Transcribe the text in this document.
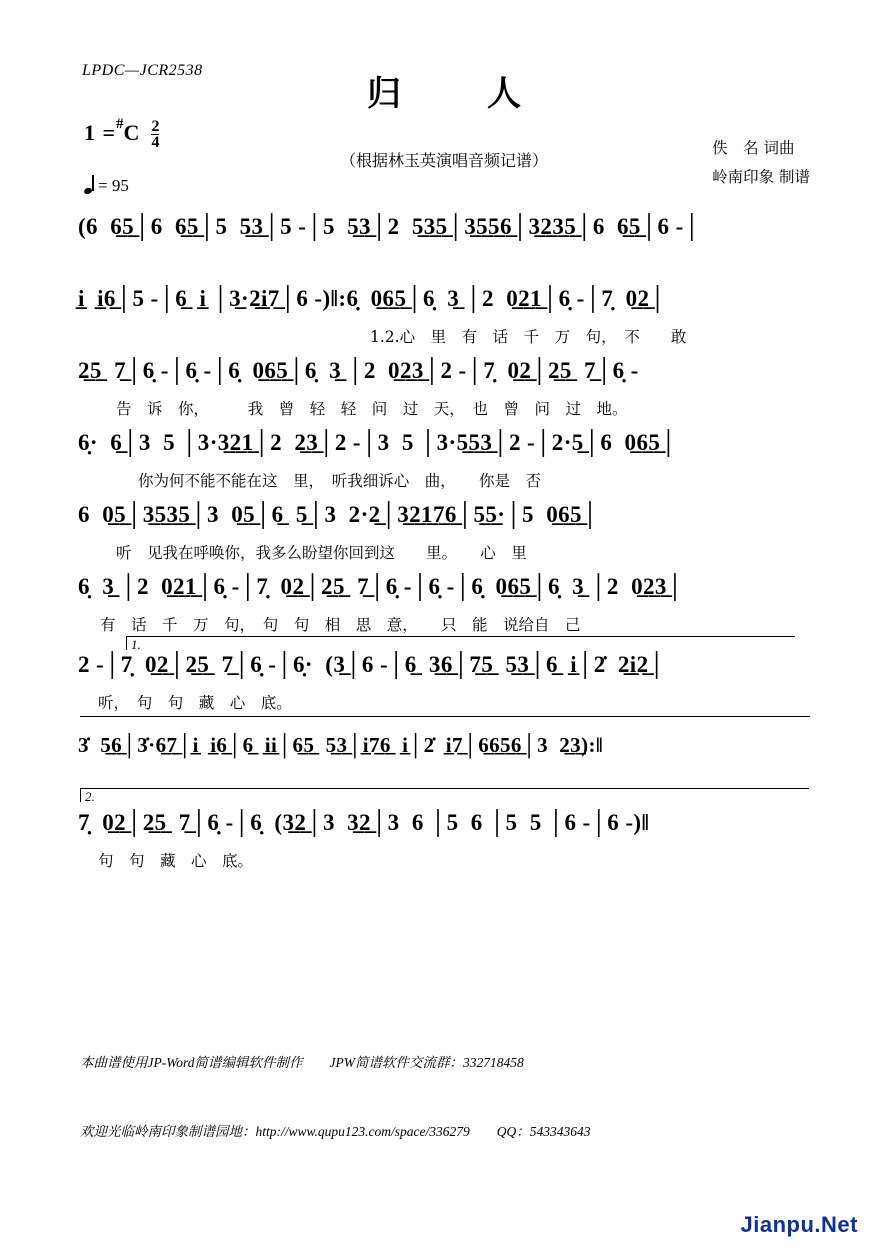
LPDC—JCR2538
归　人
1 = # C $\frac{2}{4}$
= 95
（根据林玉英演唱音频记谱）
佚　名 词曲
岭南印象 制谱
(6  6̲5̲│6  6̲5̲│5  5̲3̲│5 -│5  5̲3̲│2  5̲3̲5̲│3̲5̲5̲6̲│3̲2̲3̲5̲│6  6̲5̲│6 -│
i̲  i̲6̲│5 -│6̲  i̲ │3̲·2̲i̲7̲│6 -)‖:6̣  0̲6̲5̲│6̣  3̲ │2  0̲2̲1̲│6̣ -│7̣  0̲2̲│
1.2.心　里　有　话　千　万　句，　不　　敢
2̲5̲  7̲│6̣ -│6̣ -│6̣  0̲6̲5̲│6̣  3̲ │2  0̲2̲3̲│2 -│7̣  0̲2̲│2̲5̲  7̲│6̣ -
告　诉　你，　　　我　曾　轻　轻　问　过　天，　也　曾　问　过　地。
6̣·  6̲│3  5 │3·3̲2̲1̲│2  2̲3̲│2 -│3  5 │3·5̲5̲3̲│2 -│2·5̲│6  0̲6̲5̲│
你为何不能不能在这　里，　听我细诉心　曲，　　你是　否
6  0̲5̲│3̲5̲3̲5̲│3  0̲5̲│6̲  5̲│3  2·2̲│3̲2̲1̲7̲6̲│5̲5̲·│5  0̲6̲5̲│
听　见我在呼唤你，我多么盼望你回到这　　里。　　心　里
6̣  3̲ │2  0̲2̲1̲│6̣ -│7̣  0̲2̲│2̲5̲  7̲│6̣ -│6̣ -│6̣  0̲6̲5̲│6̣  3̲ │2  0̲2̲3̲│
有　话　千　万　句，　句　句　相　思　意，　　只　能　说给自　己
1.
2 -│7̣  0̲2̲│2̲5̲  7̲│6̣ -│6̣·  (3̲│6 -│6̲  3̲6̲│7̲5̲  5̲3̲│6̲  i̲│2̇  2̲i̲2̲│
听，　句　句　藏　心　底。
3̇  5̲6̲│3̇·6̲7̲│i̲  i̲6̲│6̲  i̲i̲│6̲5̲  5̲3̲│i̲7̲6̲  i̲│2̇  i̲7̲│6̲6̲5̲6̲│3  2̲3̲):‖
2.
7̣  0̲2̲│2̲5̲  7̲│6̣ -│6̣  (3̲2̲│3  3̲2̲│3  6 │5  6 │5  5 │6 -│6 -)‖
句　句　藏　心　底。

本曲谱使用JP-Word简谱编辑软件制作　　JPW简谱软件交流群：332718458

欢迎光临岭南印象制谱园地：http://www.qupu123.com/space/336279　　QQ：543343643

Jianpu.Net
